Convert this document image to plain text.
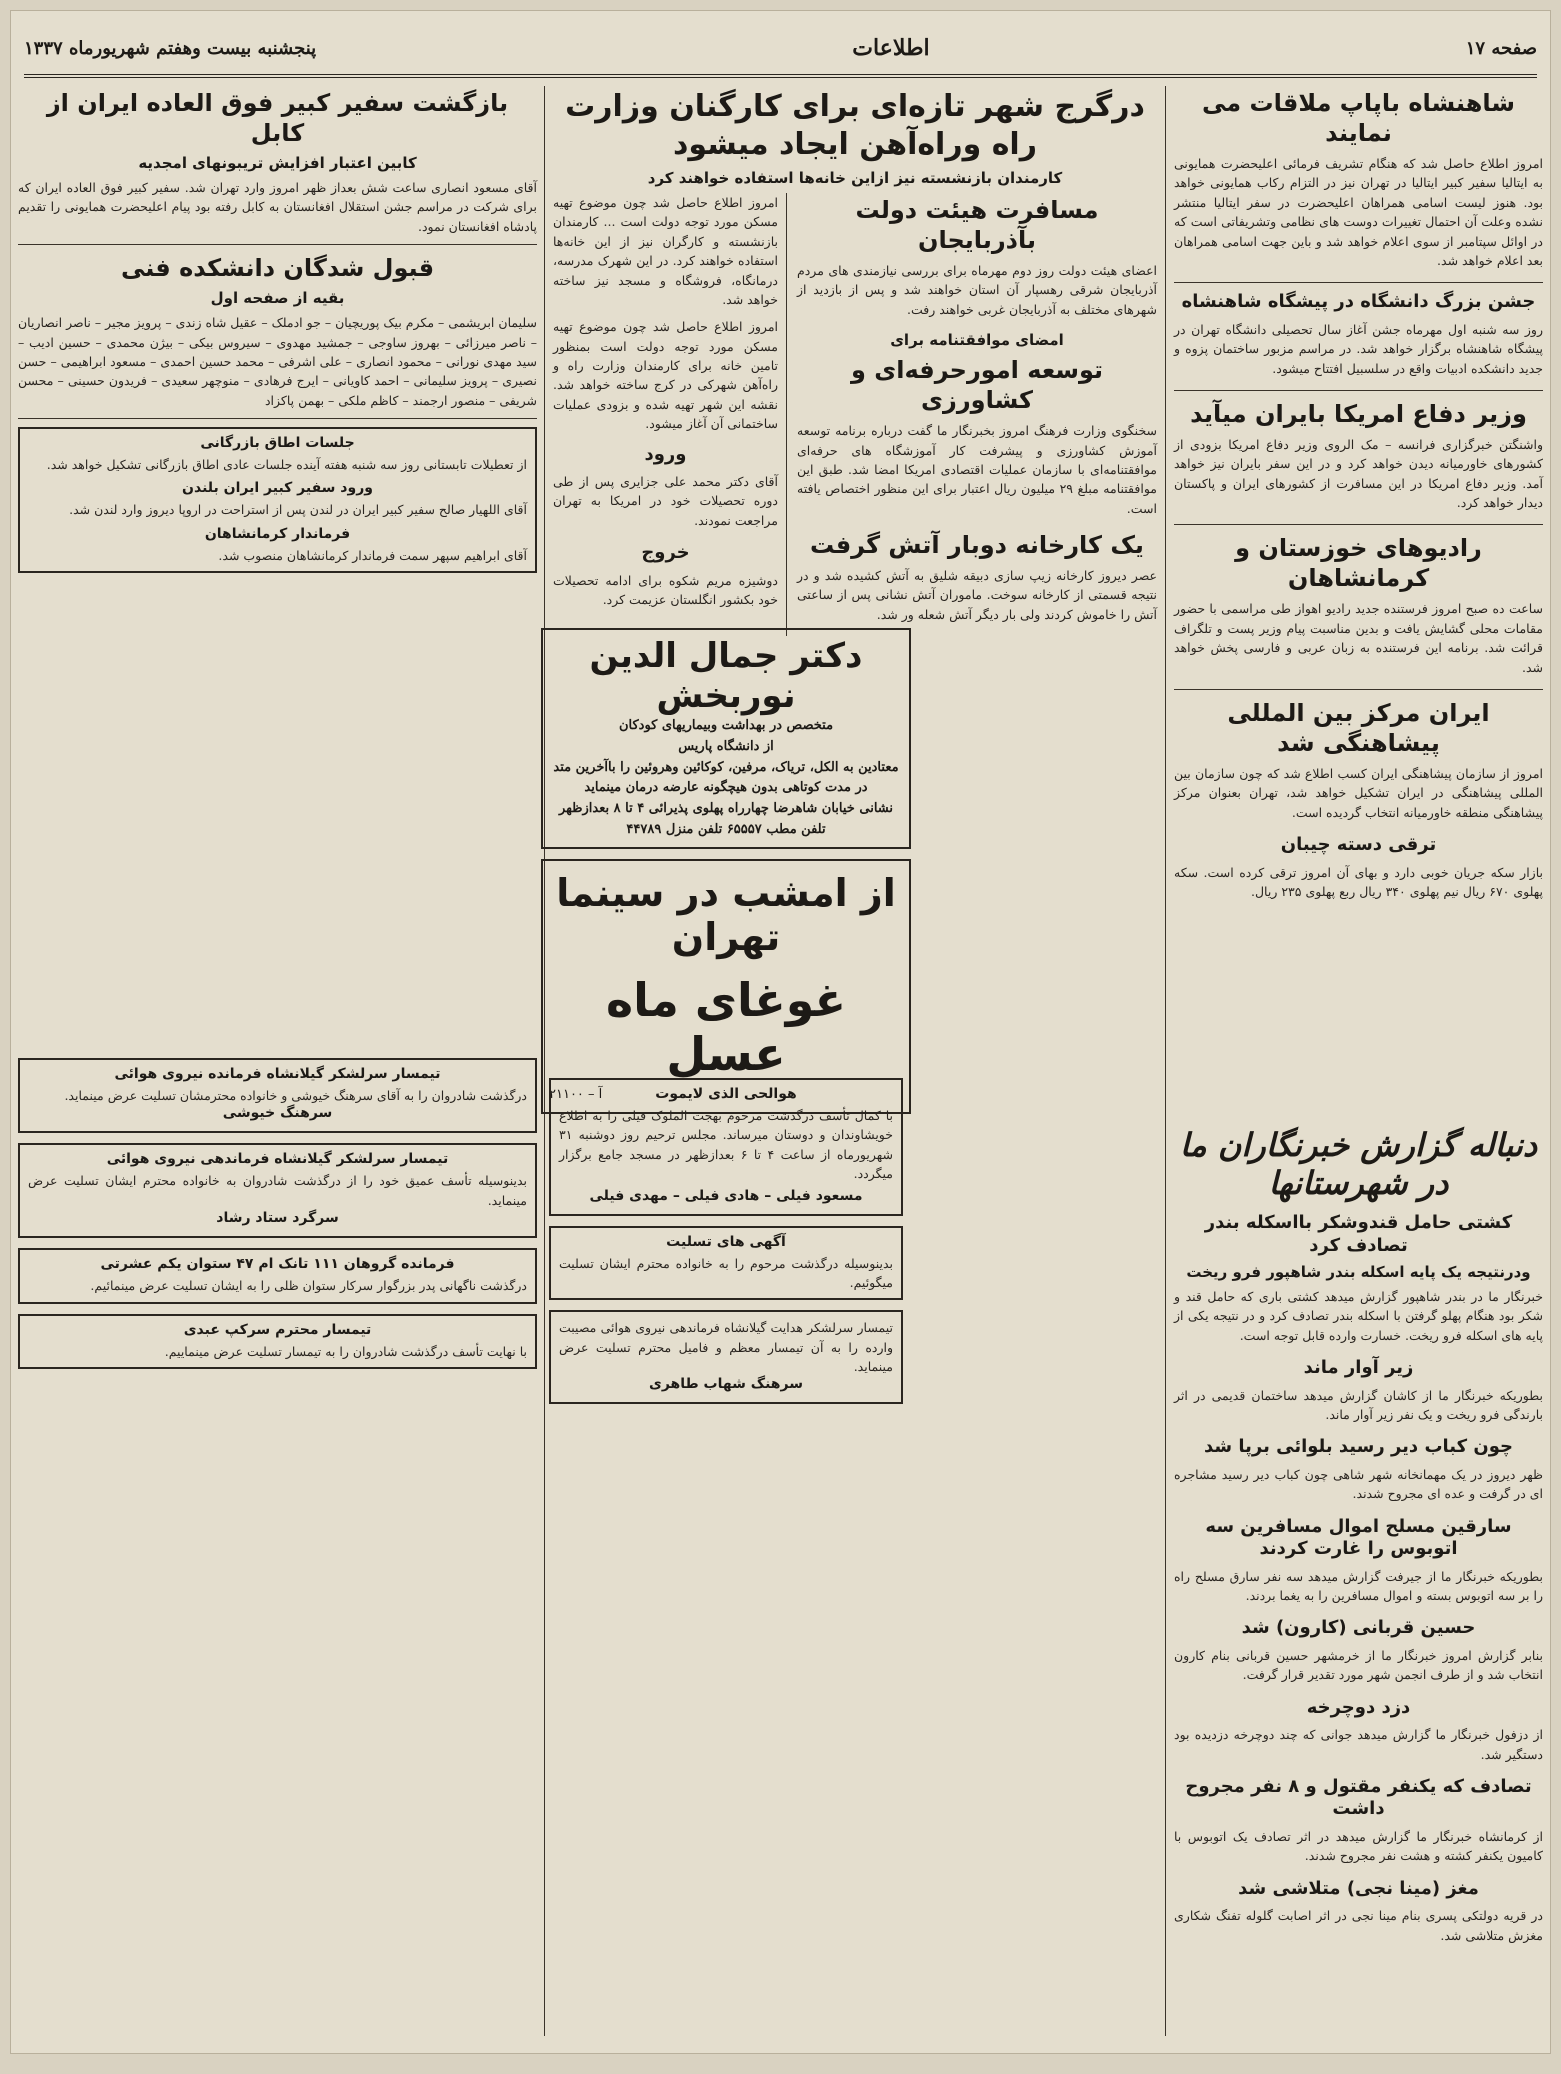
صفحه ۱۷
اطلاعات
پنجشنبه بیست وهفتم شهریورماه ۱۳۳۷
شاهنشاه باپاپ ملاقات می نمایند
امروز اطلاع حاصل شد که هنگام تشریف فرمائی اعلیحضرت همایونی به ایتالیا سفیر کبیر ایتالیا در تهران نیز در التزام رکاب همایونی خواهد بود. هنوز لیست اسامی همراهان اعلیحضرت در سفر ایتالیا منتشر نشده وعلت آن احتمال تغییرات دوست های نظامی وتشریفاتی است که در اوائل سپتامبر از سوی اعلام خواهد شد و باین جهت اسامی همراهان بعد اعلام خواهد شد.
جشن بزرگ دانشگاه در پیشگاه شاهنشاه
روز سه شنبه اول مهرماه جشن آغاز سال تحصیلی دانشگاه تهران در پیشگاه شاهنشاه برگزار خواهد شد. در مراسم مزبور ساختمان پزوه و جدید دانشکده ادبیات واقع در سلسبیل افتتاح میشود.
وزیر دفاع امریکا بایران میآید
واشنگتن خبرگزاری فرانسه – مک الروی وزیر دفاع امریکا بزودی از کشورهای خاورمیانه دیدن خواهد کرد و در این سفر بایران نیز خواهد آمد. وزیر دفاع امریکا در این مسافرت از کشورهای ایران و پاکستان دیدار خواهد کرد.
رادیوهای خوزستان و کرمانشاهان
ساعت ده صبح امروز فرستنده جدید رادیو اهواز طی مراسمی با حضور مقامات محلی گشایش یافت و بدین مناسبت پیام وزیر پست و تلگراف قرائت شد. برنامه این فرستنده به زبان عربی و فارسی پخش خواهد شد.
ایران مرکز بین المللی پیشاهنگی شد
امروز از سازمان پیشاهنگی ایران کسب اطلاع شد که چون سازمان بین المللی پیشاهنگی در ایران تشکیل خواهد شد، تهران بعنوان مرکز پیشاهنگی منطقه خاورمیانه انتخاب گردیده است.
ترقی دسته چیبان
بازار سکه جریان خوبی دارد و بهای آن امروز ترقی کرده است. سکه پهلوی ۶۷۰ ریال نیم پهلوی ۳۴۰ ریال ربع پهلوی ۲۳۵ ریال.
دنباله گزارش خبرنگاران ما در شهرستانها
کشتی حامل قندوشکر بااسکله بندر تصادف کرد
ودرنتیجه یک پایه اسکله بندر شاهپور فرو ریخت
خبرنگار ما در بندر شاهپور گزارش میدهد کشتی باری که حامل قند و شکر بود هنگام پهلو گرفتن با اسکله بندر تصادف کرد و در نتیجه یکی از پایه های اسکله فرو ریخت. خسارت وارده قابل توجه است.
زیر آوار ماند
بطوریکه خبرنگار ما از کاشان گزارش میدهد ساختمان قدیمی در اثر بارندگی فرو ریخت و یک نفر زیر آوار ماند.
چون کباب دیر رسید بلوائی برپا شد
ظهر دیروز در یک مهمانخانه شهر شاهی چون کباب دیر رسید مشاجره ای در گرفت و عده ای مجروح شدند.
سارقین مسلح اموال مسافرین سه اتوبوس را غارت کردند
بطوریکه خبرنگار ما از جیرفت گزارش میدهد سه نفر سارق مسلح راه را بر سه اتوبوس بسته و اموال مسافرین را به یغما بردند.
حسین قربانی (کارون) شد
بنابر گزارش امروز خبرنگار ما از خرمشهر حسین قربانی بنام کارون انتخاب شد و از طرف انجمن شهر مورد تقدیر قرار گرفت.
دزد دوچرخه
از دزفول خبرنگار ما گزارش میدهد جوانی که چند دوچرخه دزدیده بود دستگیر شد.
تصادف که یکنفر مقتول و ۸ نفر مجروح داشت
از کرمانشاه خبرنگار ما گزارش میدهد در اثر تصادف یک اتوبوس با کامیون یکنفر کشته و هشت نفر مجروح شدند.
مغز (مینا نجی) متلاشی شد
در قریه دولتکی پسری بنام مینا نجی در اثر اصابت گلوله تفنگ شکاری مغزش متلاشی شد.
درگرج شهر تازه‌ای برای کارگنان وزارت راه وراه‌آهن ایجاد میشود
کارمندان بازنشسته نیز ازاین خانه‌ها استفاده خواهند کرد
مسافرت هیئت دولت بآذربایجان
اعضای هیئت دولت روز دوم مهرماه برای بررسی نیازمندی های مردم آذربایجان شرقی رهسپار آن استان خواهند شد و پس از بازدید از شهرهای مختلف به آذربایجان غربی خواهند رفت.
امضای موافقتنامه برای
توسعه امورحرفه‌ای و کشاورزی
سخنگوی وزارت فرهنگ امروز بخبرنگار ما گفت درباره برنامه توسعه آموزش کشاورزی و پیشرفت کار آموزشگاه های حرفه‌ای موافقتنامه‌ای با سازمان عملیات اقتصادی امریکا امضا شد. طبق این موافقتنامه مبلغ ۲۹ میلیون ریال اعتبار برای این منظور اختصاص یافته است.
یک کارخانه دوبار آتش گرفت
عصر دیروز کارخانه زیپ سازی دبیقه شلیق به آتش کشیده شد و در نتیجه قسمتی از کارخانه سوخت. ماموران آتش نشانی پس از ساعتی آتش را خاموش کردند ولی بار دیگر آتش شعله ور شد.
امروز اطلاع حاصل شد چون موضوع تهیه مسکن مورد توجه دولت است ... کارمندان بازنشسته و کارگران نیز از این خانه‌ها استفاده خواهند کرد. در این شهرک مدرسه، درمانگاه، فروشگاه و مسجد نیز ساخته خواهد شد.
امروز اطلاع حاصل شد چون موضوع تهیه مسکن مورد توجه دولت است بمنظور تامین خانه برای کارمندان وزارت راه و راه‌آهن شهرکی در کرج ساخته خواهد شد. نقشه این شهر تهیه شده و بزودی عملیات ساختمانی آن آغاز میشود.
ورود
آقای دکتر محمد علی جزایری پس از طی دوره تحصیلات خود در امریکا به تهران مراجعت نمودند.
خروج
دوشیزه مریم شکوه برای ادامه تحصیلات خود بکشور انگلستان عزیمت کرد.
دکتر جمال الدین نوربخش
متخصص در بهداشت وبیماریهای کودکان
از دانشگاه پاریس
معتادین به الکل، تریاک، مرفین، کوکائین وهروئین را باآخرین متد در مدت کوتاهی بدون هیچگونه عارضه درمان مینماید
نشانی خیابان شاهرضا چهارراه پهلوی پذیرائی ۴ تا ۸ بعدازظهر تلفن مطب ۶۵۵۵۷ تلفن منزل ۴۴۷۸۹
از امشب در سینما تهران
غوغای ماه عسل
آ – ۲۱۱۰۰	هوالحی الذی لایموت
با کمال تأسف درگذشت مرحوم بهجت الملوک فیلی را به اطلاع خویشاوندان و دوستان میرساند. مجلس ترحیم روز دوشنبه ۳۱ شهریورماه از ساعت ۴ تا ۶ بعدازظهر در مسجد جامع برگزار میگردد.
مسعود فیلی – هادی فیلی – مهدی فیلی
آگهی های تسلیت
بدینوسیله درگذشت مرحوم را به خانواده محترم ایشان تسلیت میگوئیم.
تیمسار سرلشکر هدایت گیلانشاه فرماندهی نیروی هوائی مصیبت وارده را به آن تیمسار معظم و فامیل محترم تسلیت عرض مینماید.
سرهنگ شهاب طاهری
بازگشت سفیر کبیر فوق العاده ایران از کابل
کابین اعتبار افزایش تریبونهای امجدیه
آقای مسعود انصاری ساعت شش بعداز ظهر امروز وارد تهران شد. سفیر کبیر فوق العاده ایران که برای شرکت در مراسم جشن استقلال افغانستان به کابل رفته بود پیام اعلیحضرت همایونی را تقدیم پادشاه افغانستان نمود.
قبول شدگان دانشکده فنی
بقیه از صفحه اول
سلیمان ابریشمی – مکرم بیک پوریچیان – جو ادملک – عقیل شاه زندی – پرویز مجیر – ناصر انصاریان – ناصر میرزائی – بهروز ساوجی – جمشید مهدوی – سیروس بیکی – بیژن محمدی – حسین ادیب – سید مهدی نورانی – محمود انصاری – علی اشرفی – محمد حسین احمدی – مسعود ابراهیمی – حسن نصیری – پرویز سلیمانی – احمد کاویانی – ایرج فرهادی – منوچهر سعیدی – فریدون حسینی – محسن شریفی – منصور ارجمند – کاظم ملکی – بهمن پاکزاد
جلسات اطاق بازرگانی
از تعطیلات تابستانی روز سه شنبه هفته آینده جلسات عادی اطاق بازرگانی تشکیل خواهد شد.
ورود سفیر کبیر ایران بلندن
آقای اللهیار صالح سفیر کبیر ایران در لندن پس از استراحت در اروپا دیروز وارد لندن شد.
فرماندار کرمانشاهان
آقای ابراهیم سپهر سمت فرماندار کرمانشاهان منصوب شد.
تیمسار سرلشکر گیلانشاه فرمانده نیروی هوائی
درگذشت شادروان را به آقای سرهنگ خیوشی و خانواده محترمشان تسلیت عرض مینماید.
سرهنگ خیوشی
تیمسار سرلشکر گیلانشاه فرماندهی نیروی هوائی
بدینوسیله تأسف عمیق خود را از درگذشت شادروان به خانواده محترم ایشان تسلیت عرض مینماید.
سرگرد ستاد رشاد
فرمانده گروهان ۱۱۱ تانک ام ۴۷ ستوان یکم عشرتی
درگذشت ناگهانی پدر بزرگوار سرکار ستوان ظلی را به ایشان تسلیت عرض مینمائیم.
تیمسار محترم سرکپ عبدی
با نهایت تأسف درگذشت شادروان را به تیمسار تسلیت عرض مینماییم.
